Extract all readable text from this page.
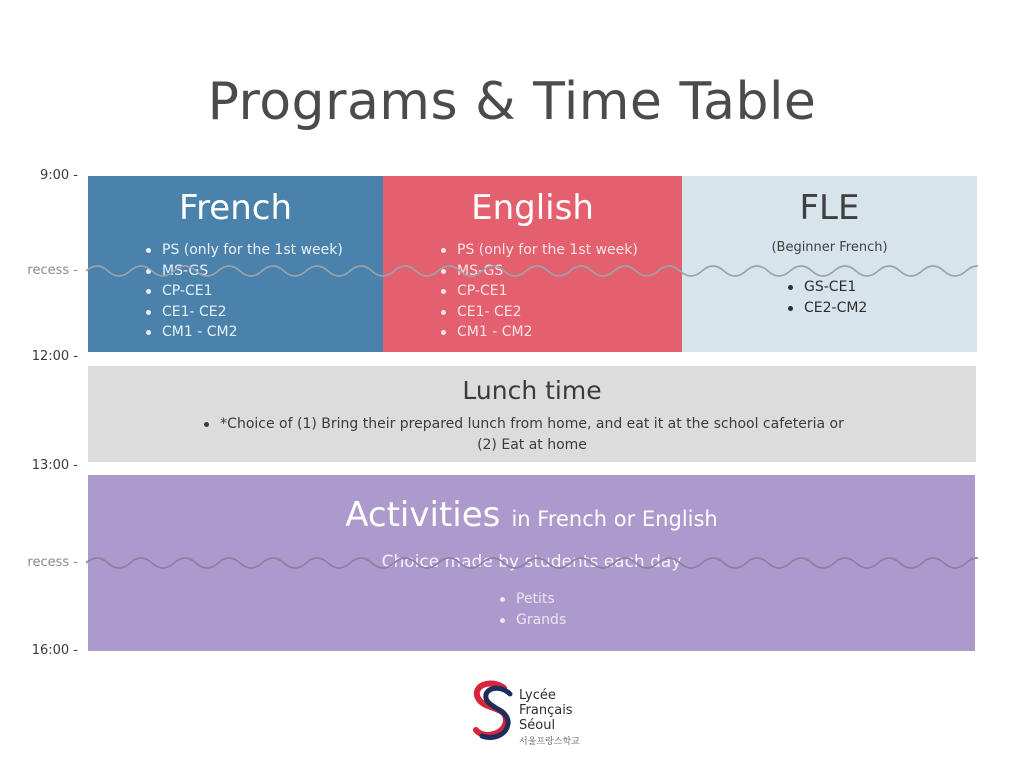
Programs & Time Table
9:00 -
recess -
12:00 -
13:00 -
recess -
16:00 -
French
PS (only for the 1st week)
MS-GS
CP-CE1
CE1- CE2
CM1 - CM2
English
PS (only for the 1st week)
MS-GS
CP-CE1
CE1- CE2
CM1 - CM2
FLE
(Beginner French)
GS-CE1
CE2-CM2
Lunch time
*Choice of (1) Bring their prepared lunch from home, and eat it at the school cafeteria or
(2) Eat at home
Activities in French or English
Choice made by students each day
Petits
Grands
Lycée
Français
Séoul
서울프랑스학교
